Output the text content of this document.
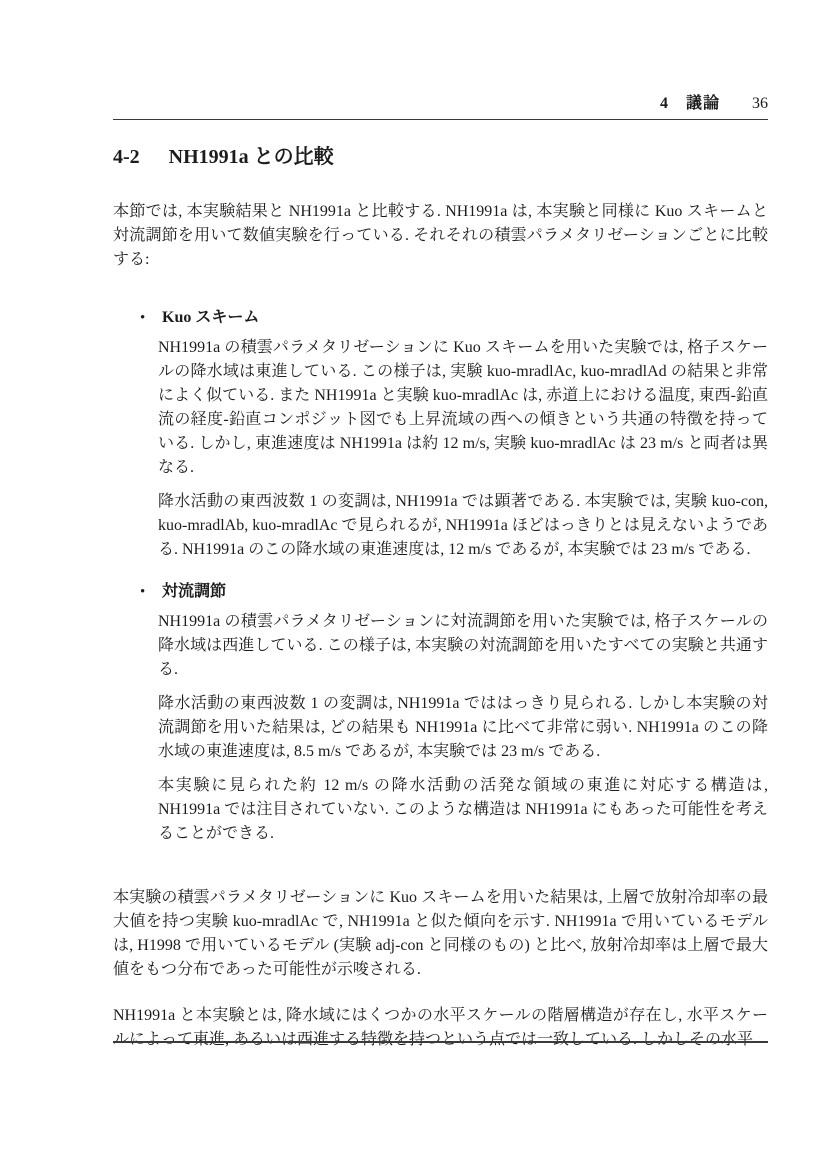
4　議論 36
4-2 NH1991a との比較

本節では, 本実験結果と NH1991a と比較する. NH1991a は, 本実験と同様に Kuo スキームと対流調節を用いて数値実験を行っている. それそれの積雲パラメタリゼーションごとに比較する:

• Kuo スキーム

NH1991a の積雲パラメタリゼーションに Kuo スキームを用いた実験では, 格子スケールの降水域は東進している. この様子は, 実験 kuo-mradlAc, kuo-mradlAd の結果と非常によく似ている. また NH1991a と実験 kuo-mradlAc は, 赤道上における温度, 東西-鉛直流の経度-鉛直コンポジット図でも上昇流域の西への傾きという共通の特徴を持っている. しかし, 東進速度は NH1991a は約 12 m/s, 実験 kuo-mradlAc は 23 m/s と両者は異なる.

降水活動の東西波数 1 の変調は, NH1991a では顕著である. 本実験では, 実験 kuo-con, kuo-mradlAb, kuo-mradlAc で見られるが, NH1991a ほどはっきりとは見えないようである. NH1991a のこの降水域の東進速度は, 12 m/s であるが, 本実験では 23 m/s である.

• 対流調節

NH1991a の積雲パラメタリゼーションに対流調節を用いた実験では, 格子スケールの降水域は西進している. この様子は, 本実験の対流調節を用いたすべての実験と共通する.

降水活動の東西波数 1 の変調は, NH1991a でははっきり見られる. しかし本実験の対流調節を用いた結果は, どの結果も NH1991a に比べて非常に弱い. NH1991a のこの降水域の東進速度は, 8.5 m/s であるが, 本実験では 23 m/s である.

本実験に見られた約 12 m/s の降水活動の活発な領域の東進に対応する構造は, NH1991a では注目されていない. このような構造は NH1991a にもあった可能性を考えることができる.

本実験の積雲パラメタリゼーションに Kuo スキームを用いた結果は, 上層で放射冷却率の最大値を持つ実験 kuo-mradlAc で, NH1991a と似た傾向を示す. NH1991a で用いているモデルは, H1998 で用いているモデル (実験 adj-con と同様のもの) と比べ, 放射冷却率は上層で最大値をもつ分布であった可能性が示唆される.

NH1991a と本実験とは, 降水域にはくつかの水平スケールの階層構造が存在し, 水平スケールによって東進, あるいは西進する特徴を持つという点では一致している. しかしその水平
